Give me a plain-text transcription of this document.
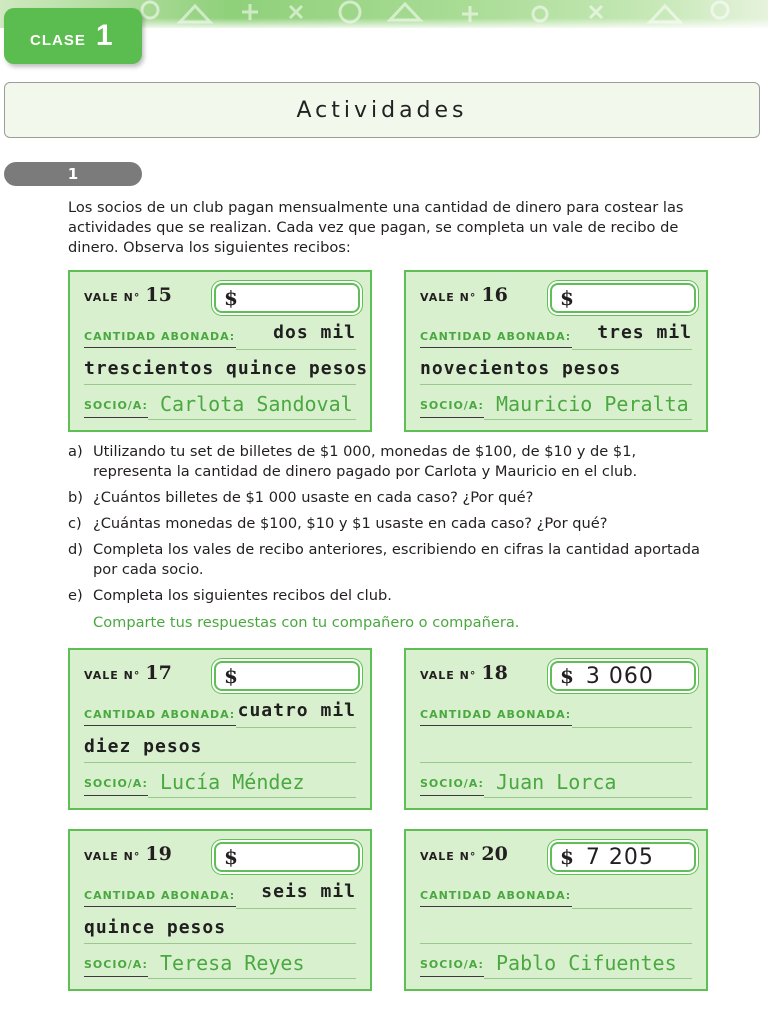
CLASE 1
Actividades
1

Los socios de un club pagan mensualmente una cantidad de dinero para costear las actividades que se realizan. Cada vez que pagan, se completa un vale de recibo de dinero. Observa los siguientes recibos:

VALE N° 15	$
CANTIDAD ABONADA: dos mil
trescientos quince pesos
SOCIO/A: Carlota Sandoval
VALE N° 16	$
CANTIDAD ABONADA: tres mil
novecientos pesos
SOCIO/A: Mauricio Peralta
a) Utilizando tu set de billetes de $1 000, monedas de $100, de $10 y de $1, representa la cantidad de dinero pagado por Carlota y Mauricio en el club.
b) ¿Cuántos billetes de $1 000 usaste en cada caso? ¿Por qué?
c) ¿Cuántas monedas de $100, $10 y $1 usaste en cada caso? ¿Por qué?
d) Completa los vales de recibo anteriores, escribiendo en cifras la cantidad aportada por cada socio.
e) Completa los siguientes recibos del club.
Comparte tus respuestas con tu compañero o compañera.
VALE N° 17	$
CANTIDAD ABONADA: cuatro mil
diez pesos
SOCIO/A: Lucía Méndez
VALE N° 18	$ 3 060
CANTIDAD ABONADA:
SOCIO/A: Juan Lorca
VALE N° 19	$
CANTIDAD ABONADA: seis mil
quince pesos
SOCIO/A: Teresa Reyes
VALE N° 20	$ 7 205
CANTIDAD ABONADA:
SOCIO/A: Pablo Cifuentes
